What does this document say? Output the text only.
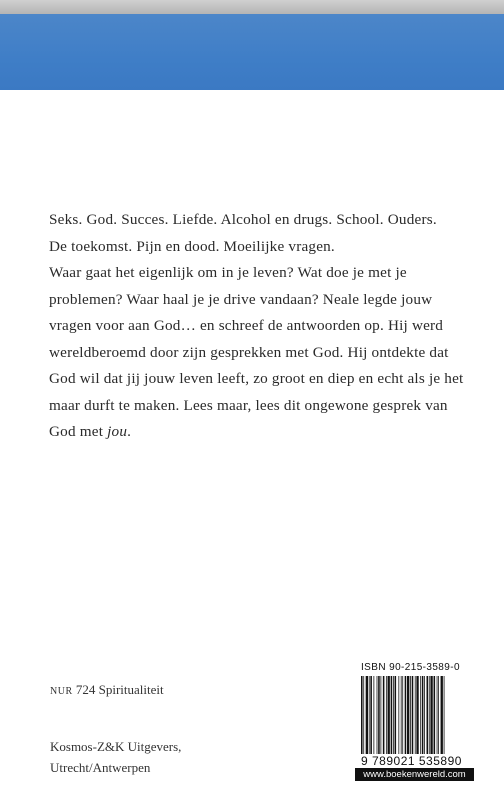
Seks. God. Succes. Liefde. Alcohol en drugs. School. Ouders.
De toekomst. Pijn en dood. Moeilijke vragen.

Waar gaat het eigenlijk om in je leven? Wat doe je met je problemen? Waar haal je je drive vandaan? Neale legde jouw vragen voor aan God… en schreef de antwoorden op. Hij werd wereldberoemd door zijn gesprekken met God. Hij ontdekte dat God wil dat jij jouw leven leeft, zo groot en diep en echt als je het maar durft te maken. Lees maar, lees dit ongewone gesprek van God met jou.

NUR 724 Spiritualiteit
Kosmos-Z&K Uitgevers,
Utrecht/Antwerpen
ISBN 90-215-3589-0
9 789021 535890
www.boekenwereld.com
